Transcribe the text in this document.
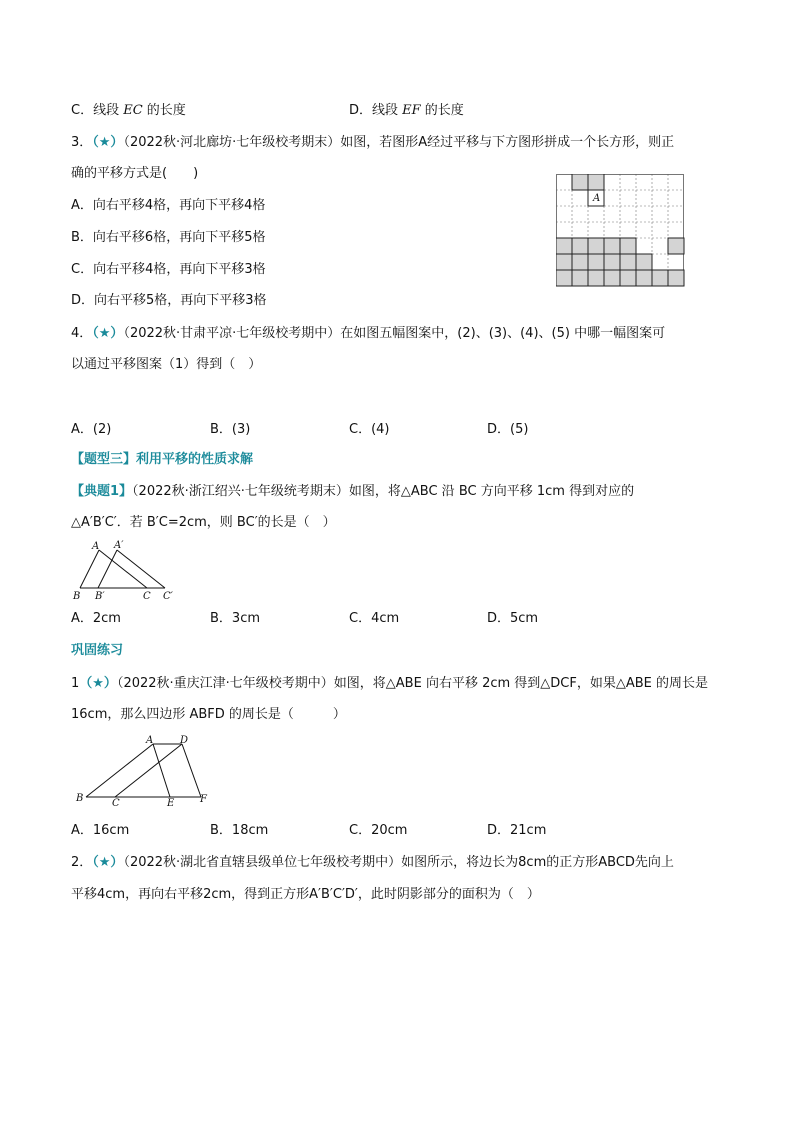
C．线段 EC 的长度	D．线段 EF 的长度
3．（★）（2022秋·河北廊坊·七年级校考期末）如图，若图形A经过平移与下方图形拼成一个长方形，则正
确的平移方式是(　　)
A．向右平移4格，再向下平移4格
B．向右平移6格，再向下平移5格
C．向右平移4格，再向下平移3格
D．向右平移5格，再向下平移3格
A
4．（★）（2022秋·甘肃平凉·七年级校考期中）在如图五幅图案中，(2)、(3)、(4)、(5) 中哪一幅图案可
以通过平移图案（1）得到（　）
A．(2)	B．(3)	C．(4)	D．(5)
【题型三】利用平移的性质求解
【典题1】（2022秋·浙江绍兴·七年级统考期末）如图，将△ABC 沿 BC 方向平移 1cm 得到对应的
△A′B′C′．若 B′C=2cm，则 BC′的长是（　）
A A′
B B′	C C′
A．2cm	B．3cm	C．4cm	D．5cm
巩固练习
1（★）（2022秋·重庆江津·七年级校考期中）如图，将△ABE 向右平移 2cm 得到△DCF，如果△ABE 的周长是
16cm，那么四边形 ABFD 的周长是（　　　）
A	D
B	C	E	F
A．16cm	B．18cm	C．20cm	D．21cm
2．（★）（2022秋·湖北省直辖县级单位七年级校考期中）如图所示，将边长为8cm的正方形ABCD先向上
平移4cm，再向右平移2cm，得到正方形A′B′C′D′，此时阴影部分的面积为（　）
